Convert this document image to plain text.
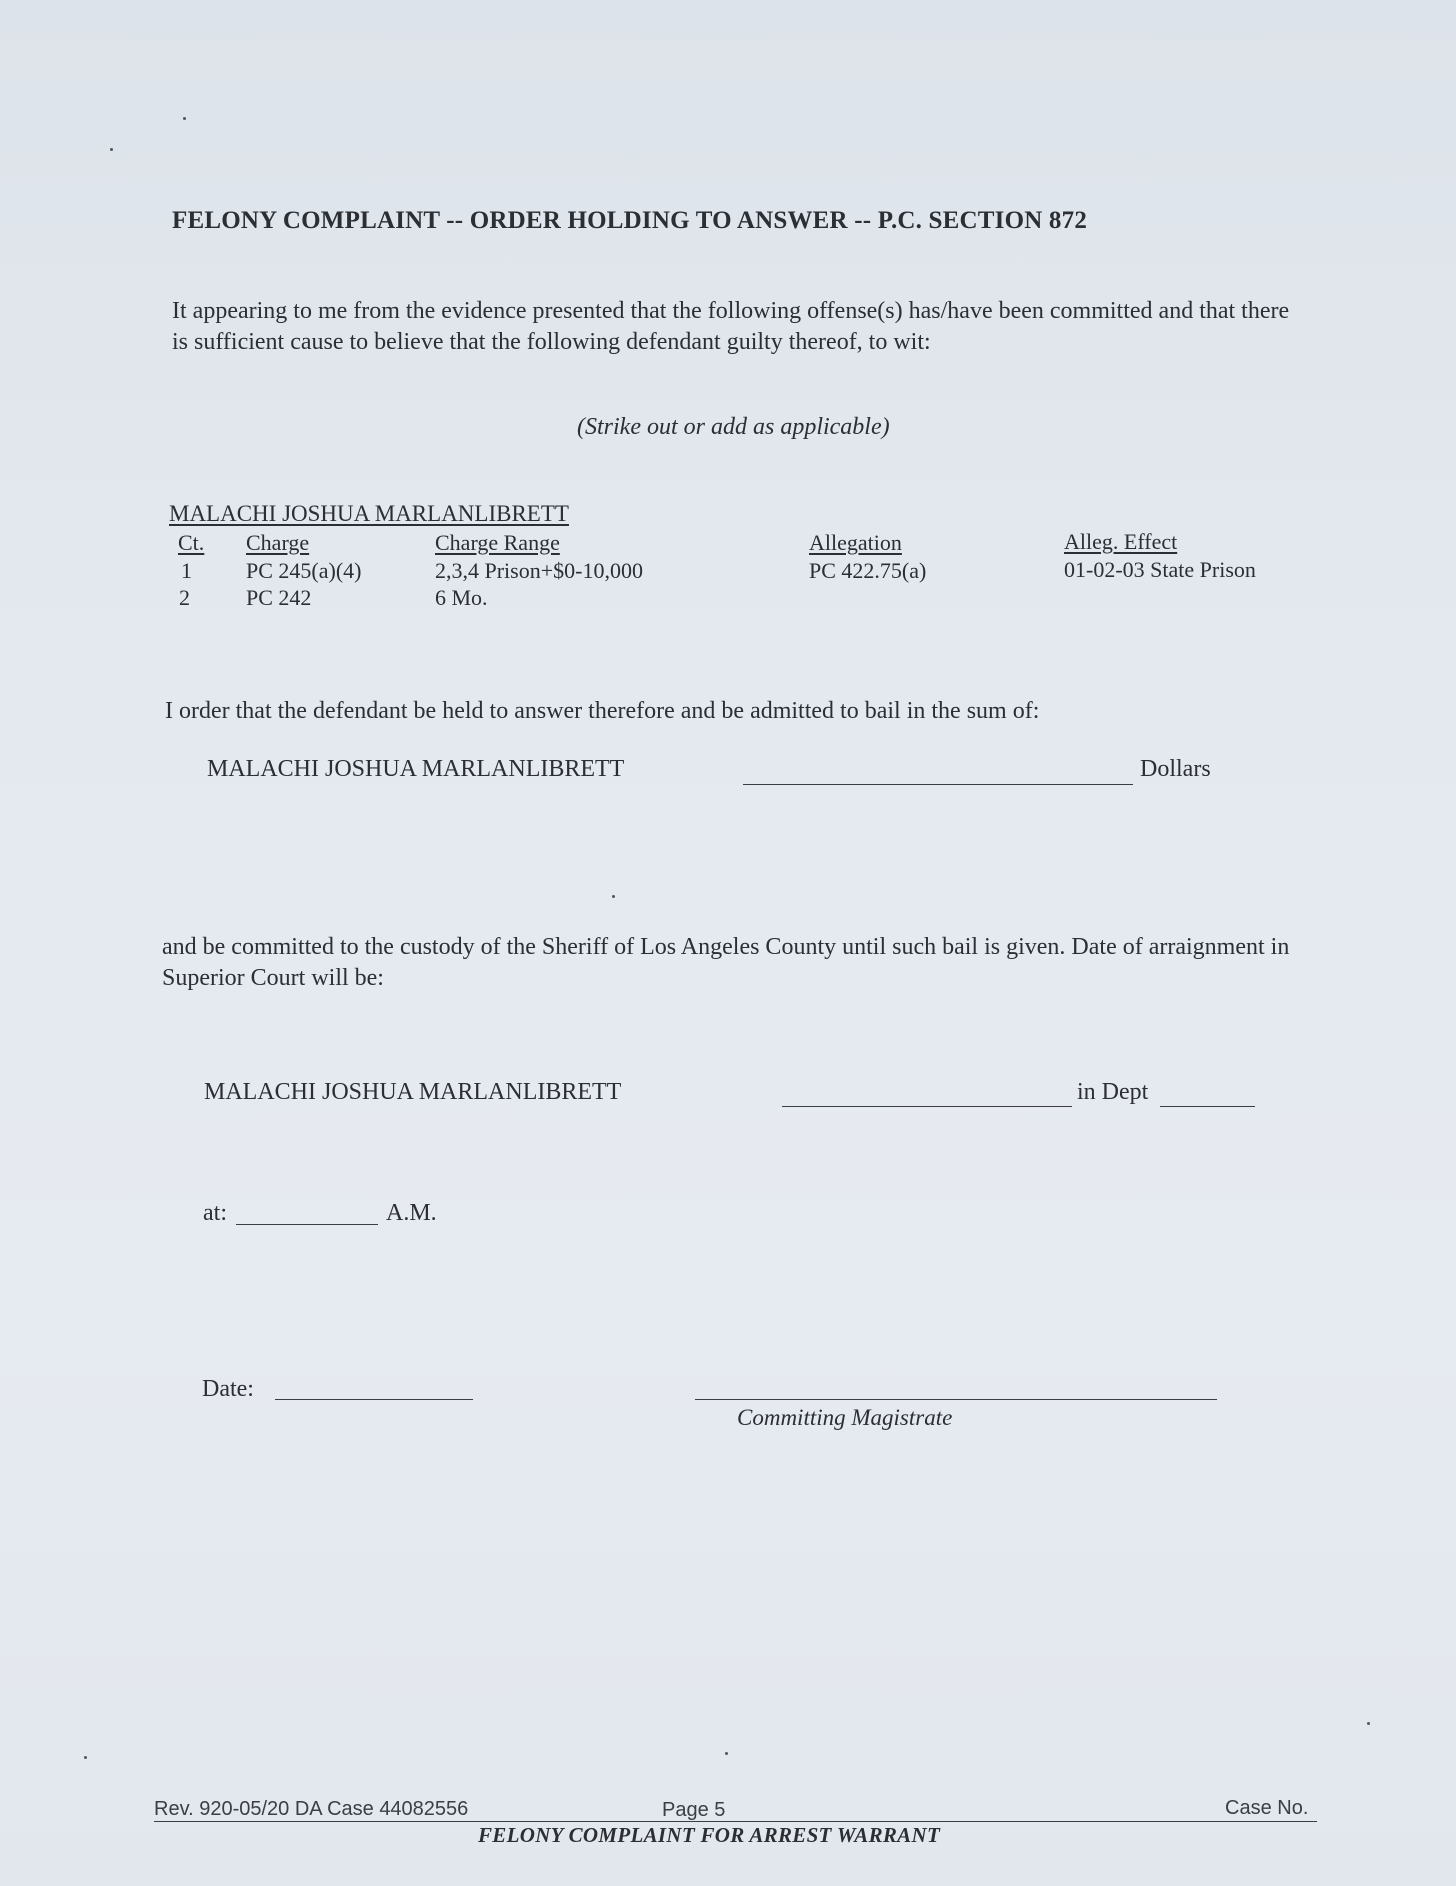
FELONY COMPLAINT -- ORDER HOLDING TO ANSWER -- P.C. SECTION 872
It appearing to me from the evidence presented that the following offense(s) has/have been committed and that there is sufficient cause to believe that the following defendant guilty thereof, to wit:
(Strike out or add as applicable)
MALACHI JOSHUA MARLANLIBRETT
Ct. Charge	Charge Range	Allegation	Alleg. Effect
1 PC 245(a)(4)	2,3,4 Prison+$0-10,000	PC 422.75(a)	01-02-03 State Prison
2	PC 242	6 Mo.
I order that the defendant be held to answer therefore and be admitted to bail in the sum of:
MALACHI JOSHUA MARLANLIBRETT	Dollars
and be committed to the custody of the Sheriff of Los Angeles County until such bail is given. Date of arraignment in Superior Court will be:
MALACHI JOSHUA MARLANLIBRETT	in Dept
at:	A.M.
Date:
Committing Magistrate
Rev. 920-05/20 DA Case 44082556	Page 5	Case No.
FELONY COMPLAINT FOR ARREST WARRANT
